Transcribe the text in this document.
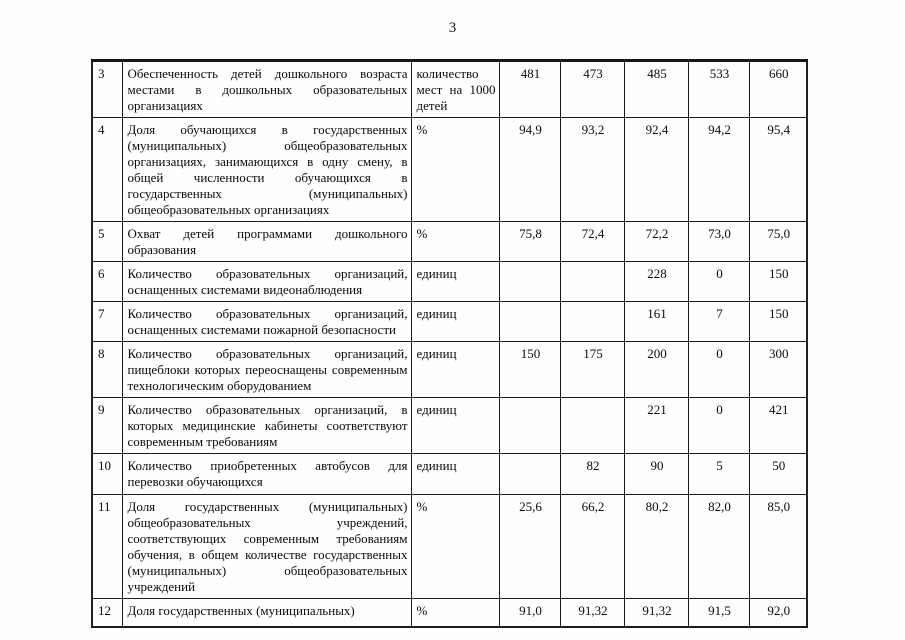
3
3	Обеспеченность детей дошкольного возраста местами в дошкольных образовательных организациях	количество мест на 1000 детей	481	473	485	533	660
4	Доля обучающихся в государственных (муниципальных) общеобразовательных организациях, занимающихся в одну смену, в общей численности обучающихся в государственных (муниципальных) общеобразовательных организациях	%	94,9	93,2	92,4	94,2	95,4
5	Охват детей программами дошкольного образования	%	75,8	72,4	72,2	73,0	75,0
6	Количество образовательных организаций, оснащенных системами видеонаблюдения	единиц			228	0	150
7	Количество образовательных организаций, оснащенных системами пожарной безопасности	единиц			161	7	150
8	Количество образовательных организаций, пищеблоки которых переоснащены современным технологическим оборудованием	единиц	150	175	200	0	300
9	Количество образовательных организаций, в которых медицинские кабинеты соответствуют современным требованиям	единиц			221	0	421
10	Количество приобретенных автобусов для перевозки обучающихся	единиц		82	90	5	50
11	Доля государственных (муниципальных) общеобразовательных учреждений, соответствующих современным требованиям обучения, в общем количестве государственных (муниципальных) общеобразовательных учреждений	%	25,6	66,2	80,2	82,0	85,0
12	Доля государственных (муниципальных)	%	91,0	91,32	91,32	91,5	92,0
